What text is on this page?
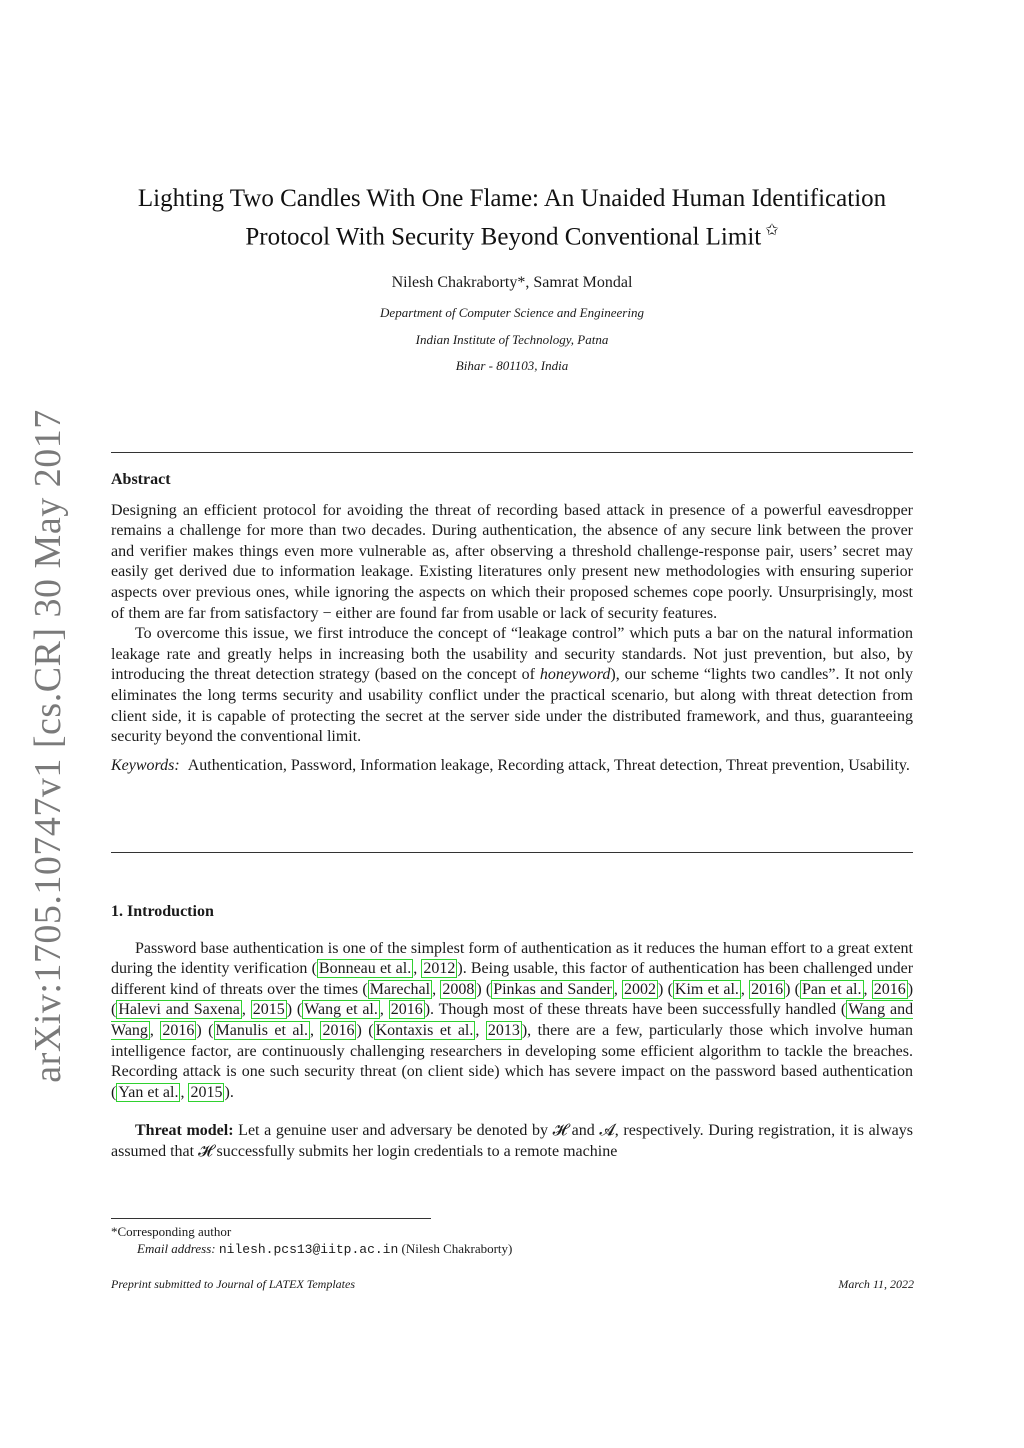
arXiv:1705.10747v1 [cs.CR] 30 May 2017
Lighting Two Candles With One Flame: An Unaided Human Identification
Protocol With Security Beyond Conventional Limit ✩
Nilesh Chakraborty*, Samrat Mondal
Department of Computer Science and Engineering
Indian Institute of Technology, Patna
Bihar - 801103, India
Abstract
Designing an efficient protocol for avoiding the threat of recording based attack in presence of a powerful eavesdropper remains a challenge for more than two decades. During authentication, the absence of any secure link between the prover and verifier makes things even more vulnerable as, after observing a threshold challenge-response pair, users’ secret may easily get derived due to information leakage. Existing literatures only present new methodologies with ensuring superior aspects over previous ones, while ignoring the aspects on which their proposed schemes cope poorly. Unsurprisingly, most of them are far from satisfactory − either are found far from usable or lack of security features.
To overcome this issue, we first introduce the concept of “leakage control” which puts a bar on the natural information leakage rate and greatly helps in increasing both the usability and security standards. Not just prevention, but also, by introducing the threat detection strategy (based on the concept of honeyword), our scheme “lights two candles”. It not only eliminates the long terms security and usability conflict under the practical scenario, but along with threat detection from client side, it is capable of protecting the secret at the server side under the distributed framework, and thus, guaranteeing security beyond the conventional limit.
Keywords: Authentication, Password, Information leakage, Recording attack, Threat detection, Threat prevention, Usability.
1. Introduction
Password base authentication is one of the simplest form of authentication as it reduces the human effort to a great extent during the identity verification ( Bonneau et al. , 2012 ). Being usable, this factor of authentication has been challenged under different kind of threats over the times ( Marechal , 2008 ) ( Pinkas and Sander , 2002 ) ( Kim et al. , 2016 ) ( Pan et al. , 2016 ) ( Halevi and Saxena , 2015 ) ( Wang et al. , 2016 ). Though most of these threats have been successfully handled ( Wang and Wang , 2016 ) ( Manulis et al. , 2016 ) ( Kontaxis et al. , 2013 ), there are a few, particularly those which involve human intelligence factor, are continuously challenging researchers in developing some efficient algorithm to tackle the breaches. Recording attack is one such security threat (on client side) which has severe impact on the password based authentication ( Yan et al. , 2015 ).
Threat model: Let a genuine user and adversary be denoted by 𝓗 and 𝓐, respectively. During registration, it is always assumed that 𝓗 successfully submits her login credentials to a remote machine
*Corresponding author
Email address: nilesh.pcs13@iitp.ac.in (Nilesh Chakraborty)
Preprint submitted to Journal of LATEX Templates	March 11, 2022
